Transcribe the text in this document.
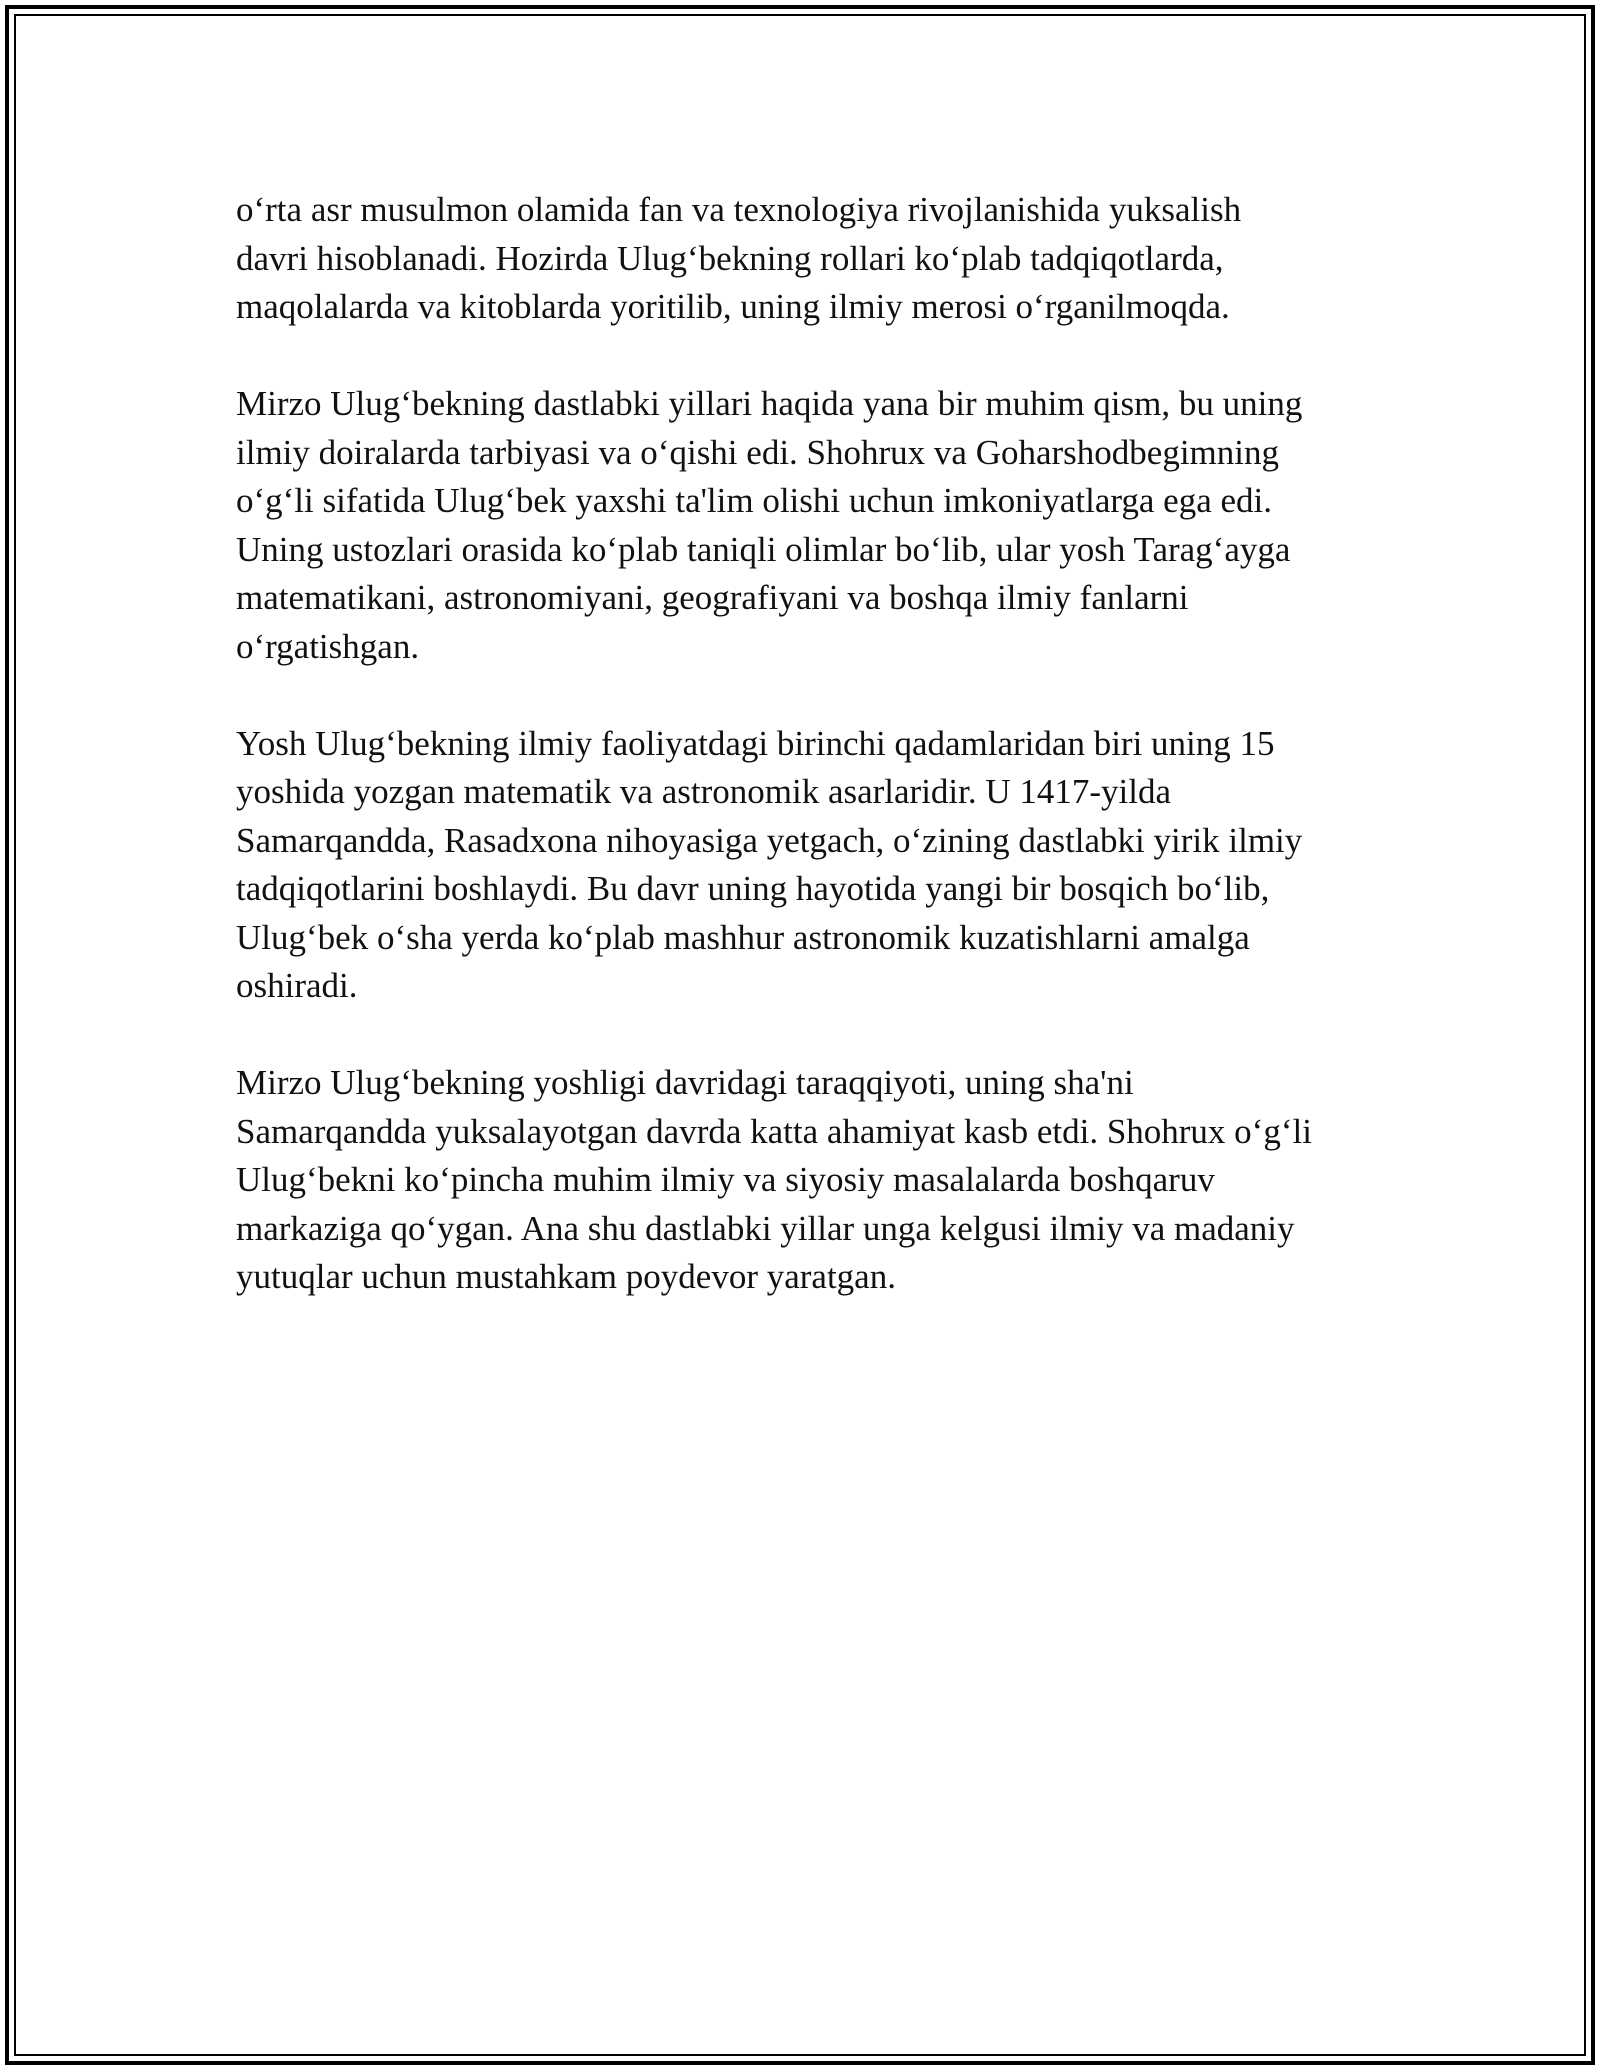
o‘rta asr musulmon olamida fan va texnologiya rivojlanishida yuksalish
davri hisoblanadi. Hozirda Ulug‘bekning rollari ko‘plab tadqiqotlarda,
maqolalarda va kitoblarda yoritilib, uning ilmiy merosi o‘rganilmoqda.

Mirzo Ulug‘bekning dastlabki yillari haqida yana bir muhim qism, bu uning
ilmiy doiralarda tarbiyasi va o‘qishi edi. Shohrux va Goharshodbegimning
o‘g‘li sifatida Ulug‘bek yaxshi ta'lim olishi uchun imkoniyatlarga ega edi.
Uning ustozlari orasida ko‘plab taniqli olimlar bo‘lib, ular yosh Tarag‘ayga
matematikani, astronomiyani, geografiyani va boshqa ilmiy fanlarni
o‘rgatishgan.

Yosh Ulug‘bekning ilmiy faoliyatdagi birinchi qadamlaridan biri uning 15
yoshida yozgan matematik va astronomik asarlaridir. U 1417-yilda
Samarqandda, Rasadxona nihoyasiga yetgach, o‘zining dastlabki yirik ilmiy
tadqiqotlarini boshlaydi. Bu davr uning hayotida yangi bir bosqich bo‘lib,
Ulug‘bek o‘sha yerda ko‘plab mashhur astronomik kuzatishlarni amalga
oshiradi.

Mirzo Ulug‘bekning yoshligi davridagi taraqqiyoti, uning sha'ni
Samarqandda yuksalayotgan davrda katta ahamiyat kasb etdi. Shohrux o‘g‘li
Ulug‘bekni ko‘pincha muhim ilmiy va siyosiy masalalarda boshqaruv
markaziga qo‘ygan. Ana shu dastlabki yillar unga kelgusi ilmiy va madaniy
yutuqlar uchun mustahkam poydevor yaratgan.
